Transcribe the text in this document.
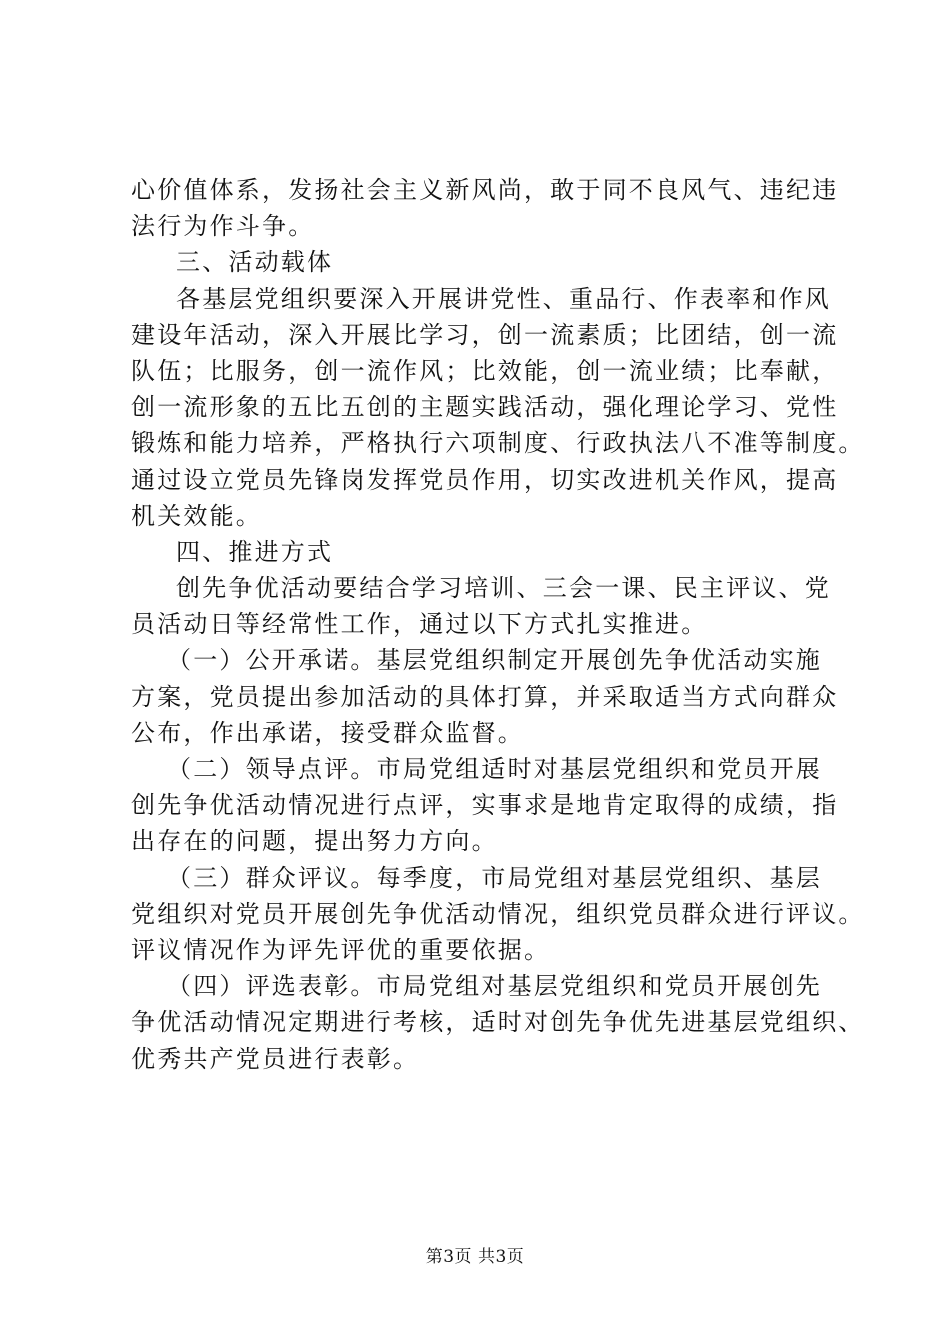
心价值体系，发扬社会主义新风尚，敢于同不良风气、违纪违
法行为作斗争。
三、活动载体
各基层党组织要深入开展讲党性、重品行、作表率和作风
建设年活动，深入开展比学习，创一流素质；比团结，创一流
队伍；比服务，创一流作风；比效能，创一流业绩；比奉献，
创一流形象的五比五创的主题实践活动，强化理论学习、党性
锻炼和能力培养，严格执行六项制度、行政执法八不准等制度。
通过设立党员先锋岗发挥党员作用，切实改进机关作风，提高
机关效能。
四、推进方式
创先争优活动要结合学习培训、三会一课、民主评议、党
员活动日等经常性工作，通过以下方式扎实推进。
（一）公开承诺。基层党组织制定开展创先争优活动实施
方案，党员提出参加活动的具体打算，并采取适当方式向群众
公布，作出承诺，接受群众监督。
（二）领导点评。市局党组适时对基层党组织和党员开展
创先争优活动情况进行点评，实事求是地肯定取得的成绩，指
出存在的问题，提出努力方向。
（三）群众评议。每季度，市局党组对基层党组织、基层
党组织对党员开展创先争优活动情况，组织党员群众进行评议。
评议情况作为评先评优的重要依据。
（四）评选表彰。市局党组对基层党组织和党员开展创先
争优活动情况定期进行考核，适时对创先争优先进基层党组织、
优秀共产党员进行表彰。
第3页 共3页
